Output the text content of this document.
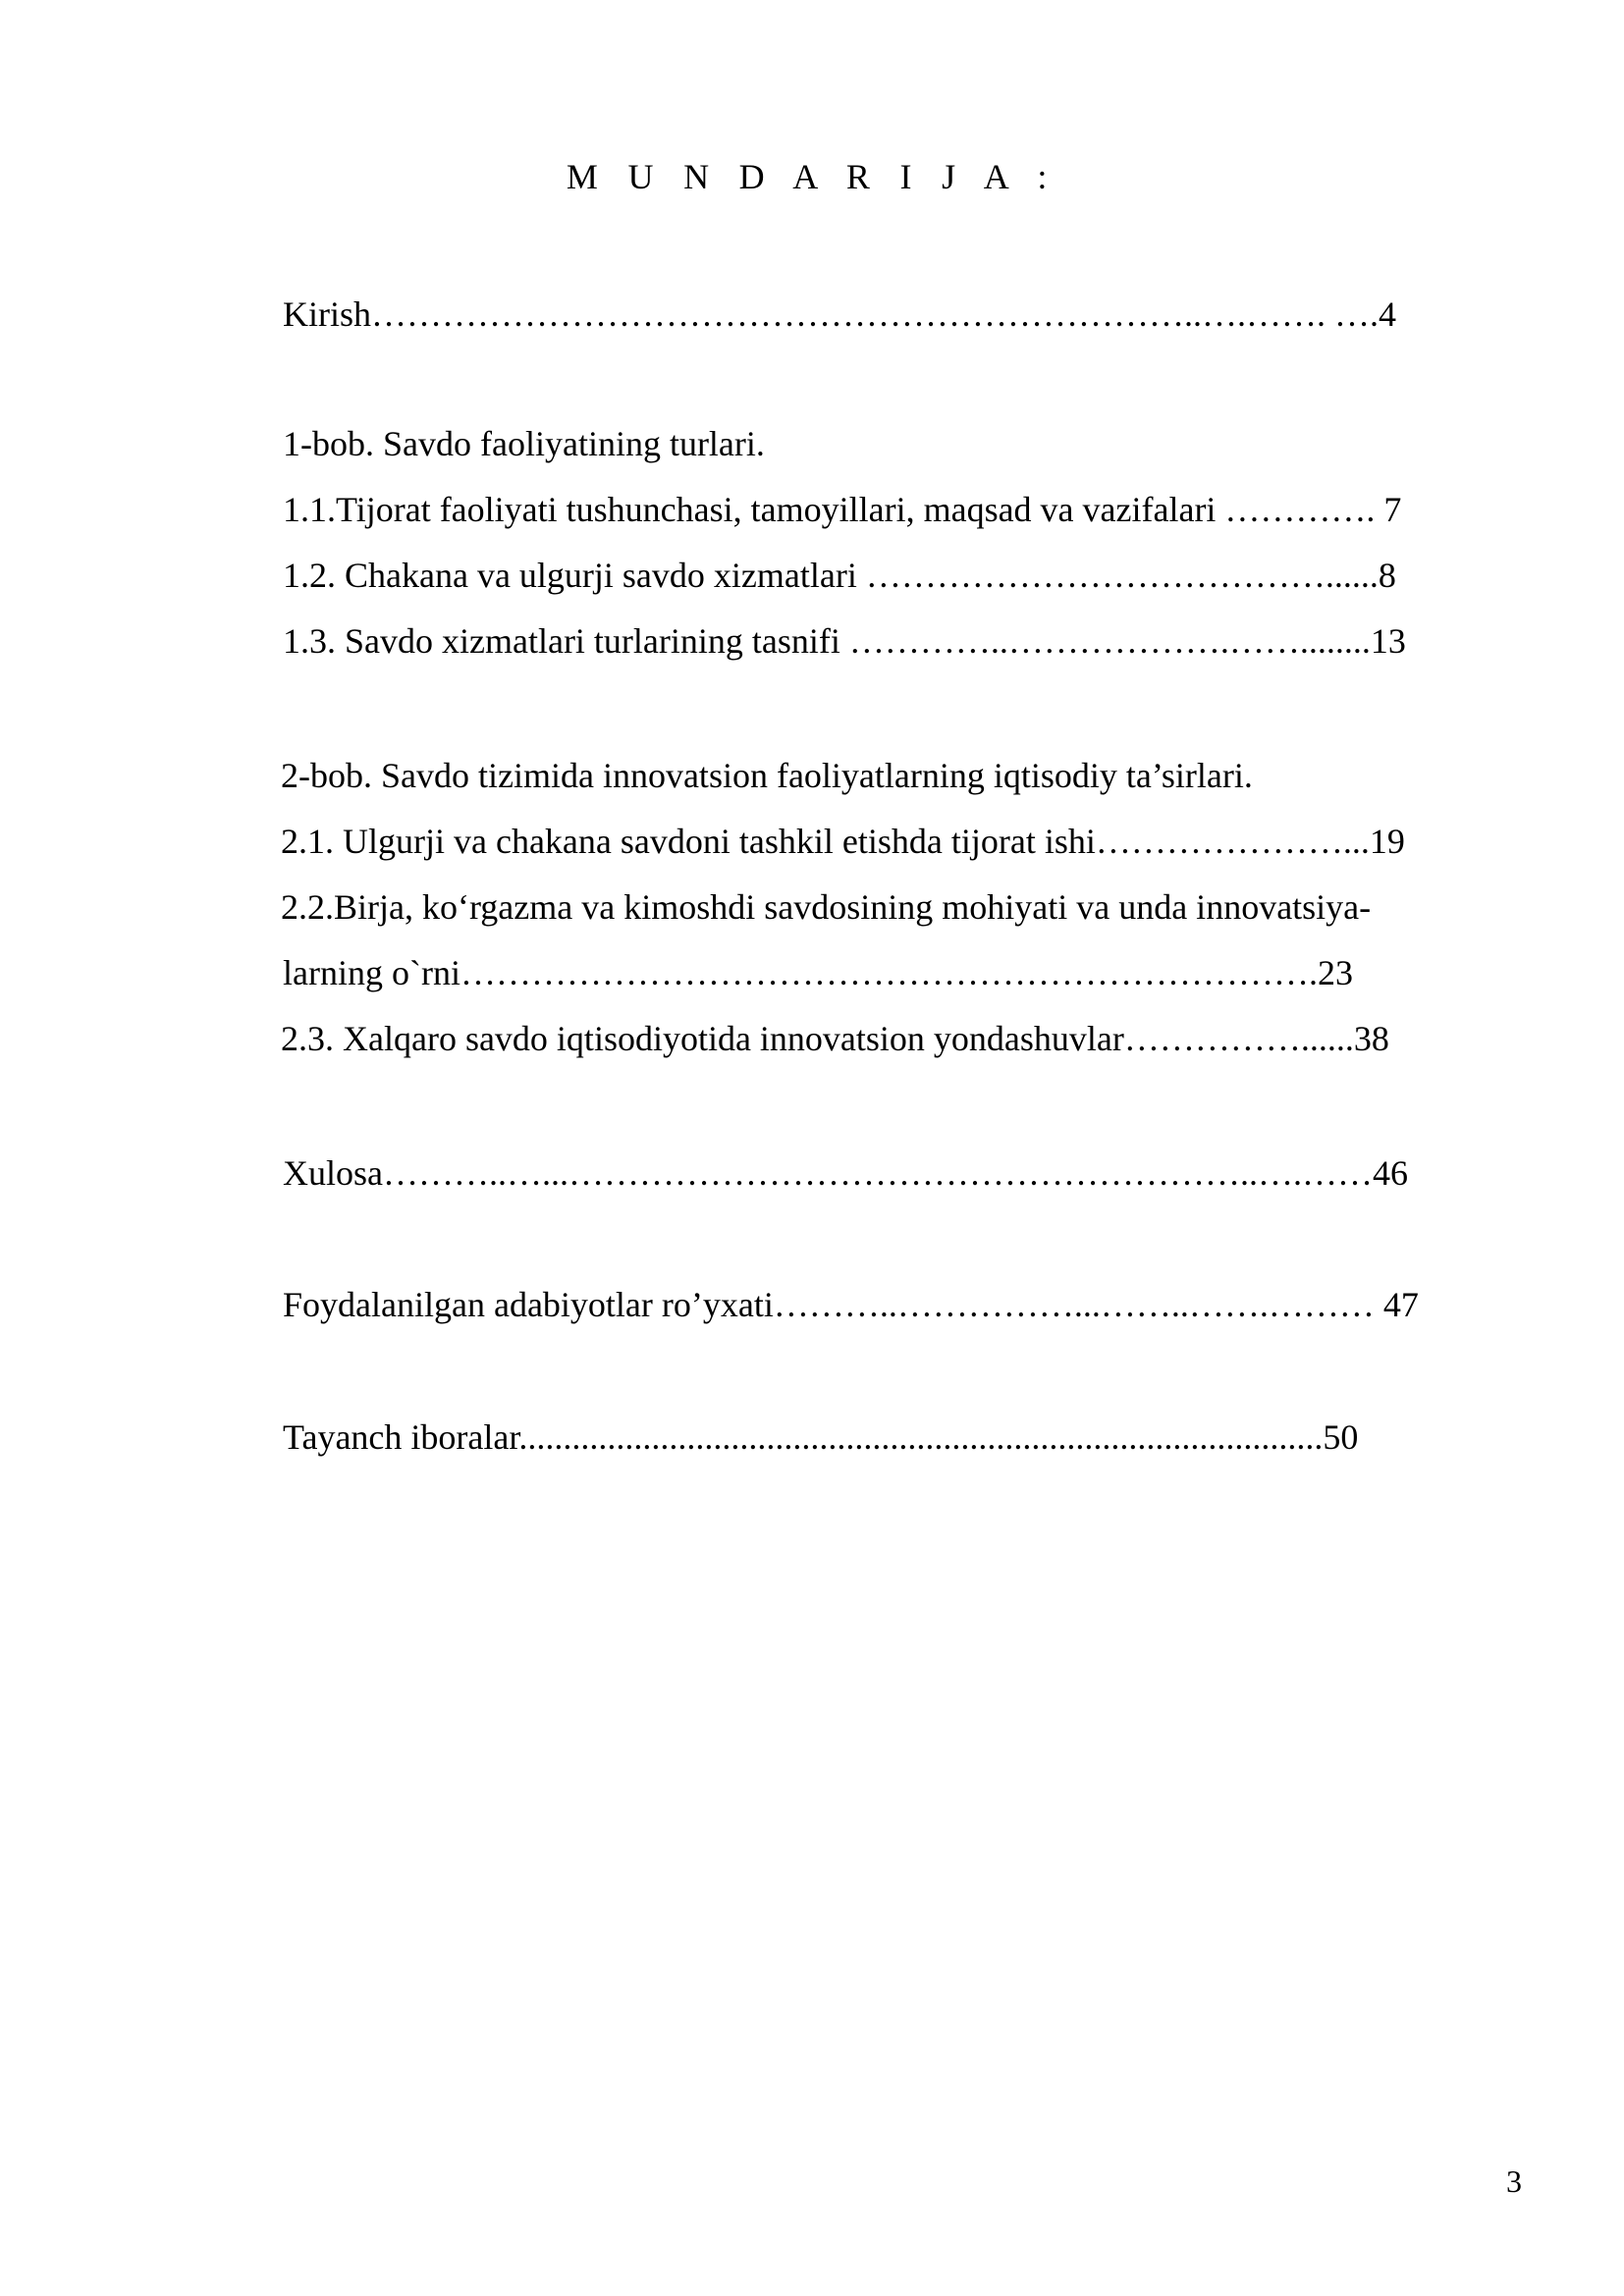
M U N D A R I J A :
Kirish……………………………………………………………..….……. ….4
1-bob. Savdo faoliyatining turlari.
1.1.Tijorat faoliyati tushunchasi, tamoyillari, maqsad va vazifalari …………. 7
1.2. Chakana va ulgurji savdo xizmatlari …………………………………......8
1.3. Savdo xizmatlari turlarining tasnifi …………..……………….……........13
2-bob. Savdo tizimida innovatsion faoliyatlarning iqtisodiy ta’sirlari.
2.1. Ulgurji va chakana savdoni tashkil etishda tijorat ishi…………………...19
2.2.Birja, ko‘rgazma va kimoshdi savdosining mohiyati va unda innovatsiya-
larning o`rni……………………………………………………………….23
2.3. Xalqaro savdo iqtisodiyotida innovatsion yondashuvlar……………......38
Xulosa………..…...…………………………………………………..….……46
Foydalanilgan adabiyotlar ro’yxati………..……………...……..…….……… 47
Tayanch iboralar...........................................................................................50
3
